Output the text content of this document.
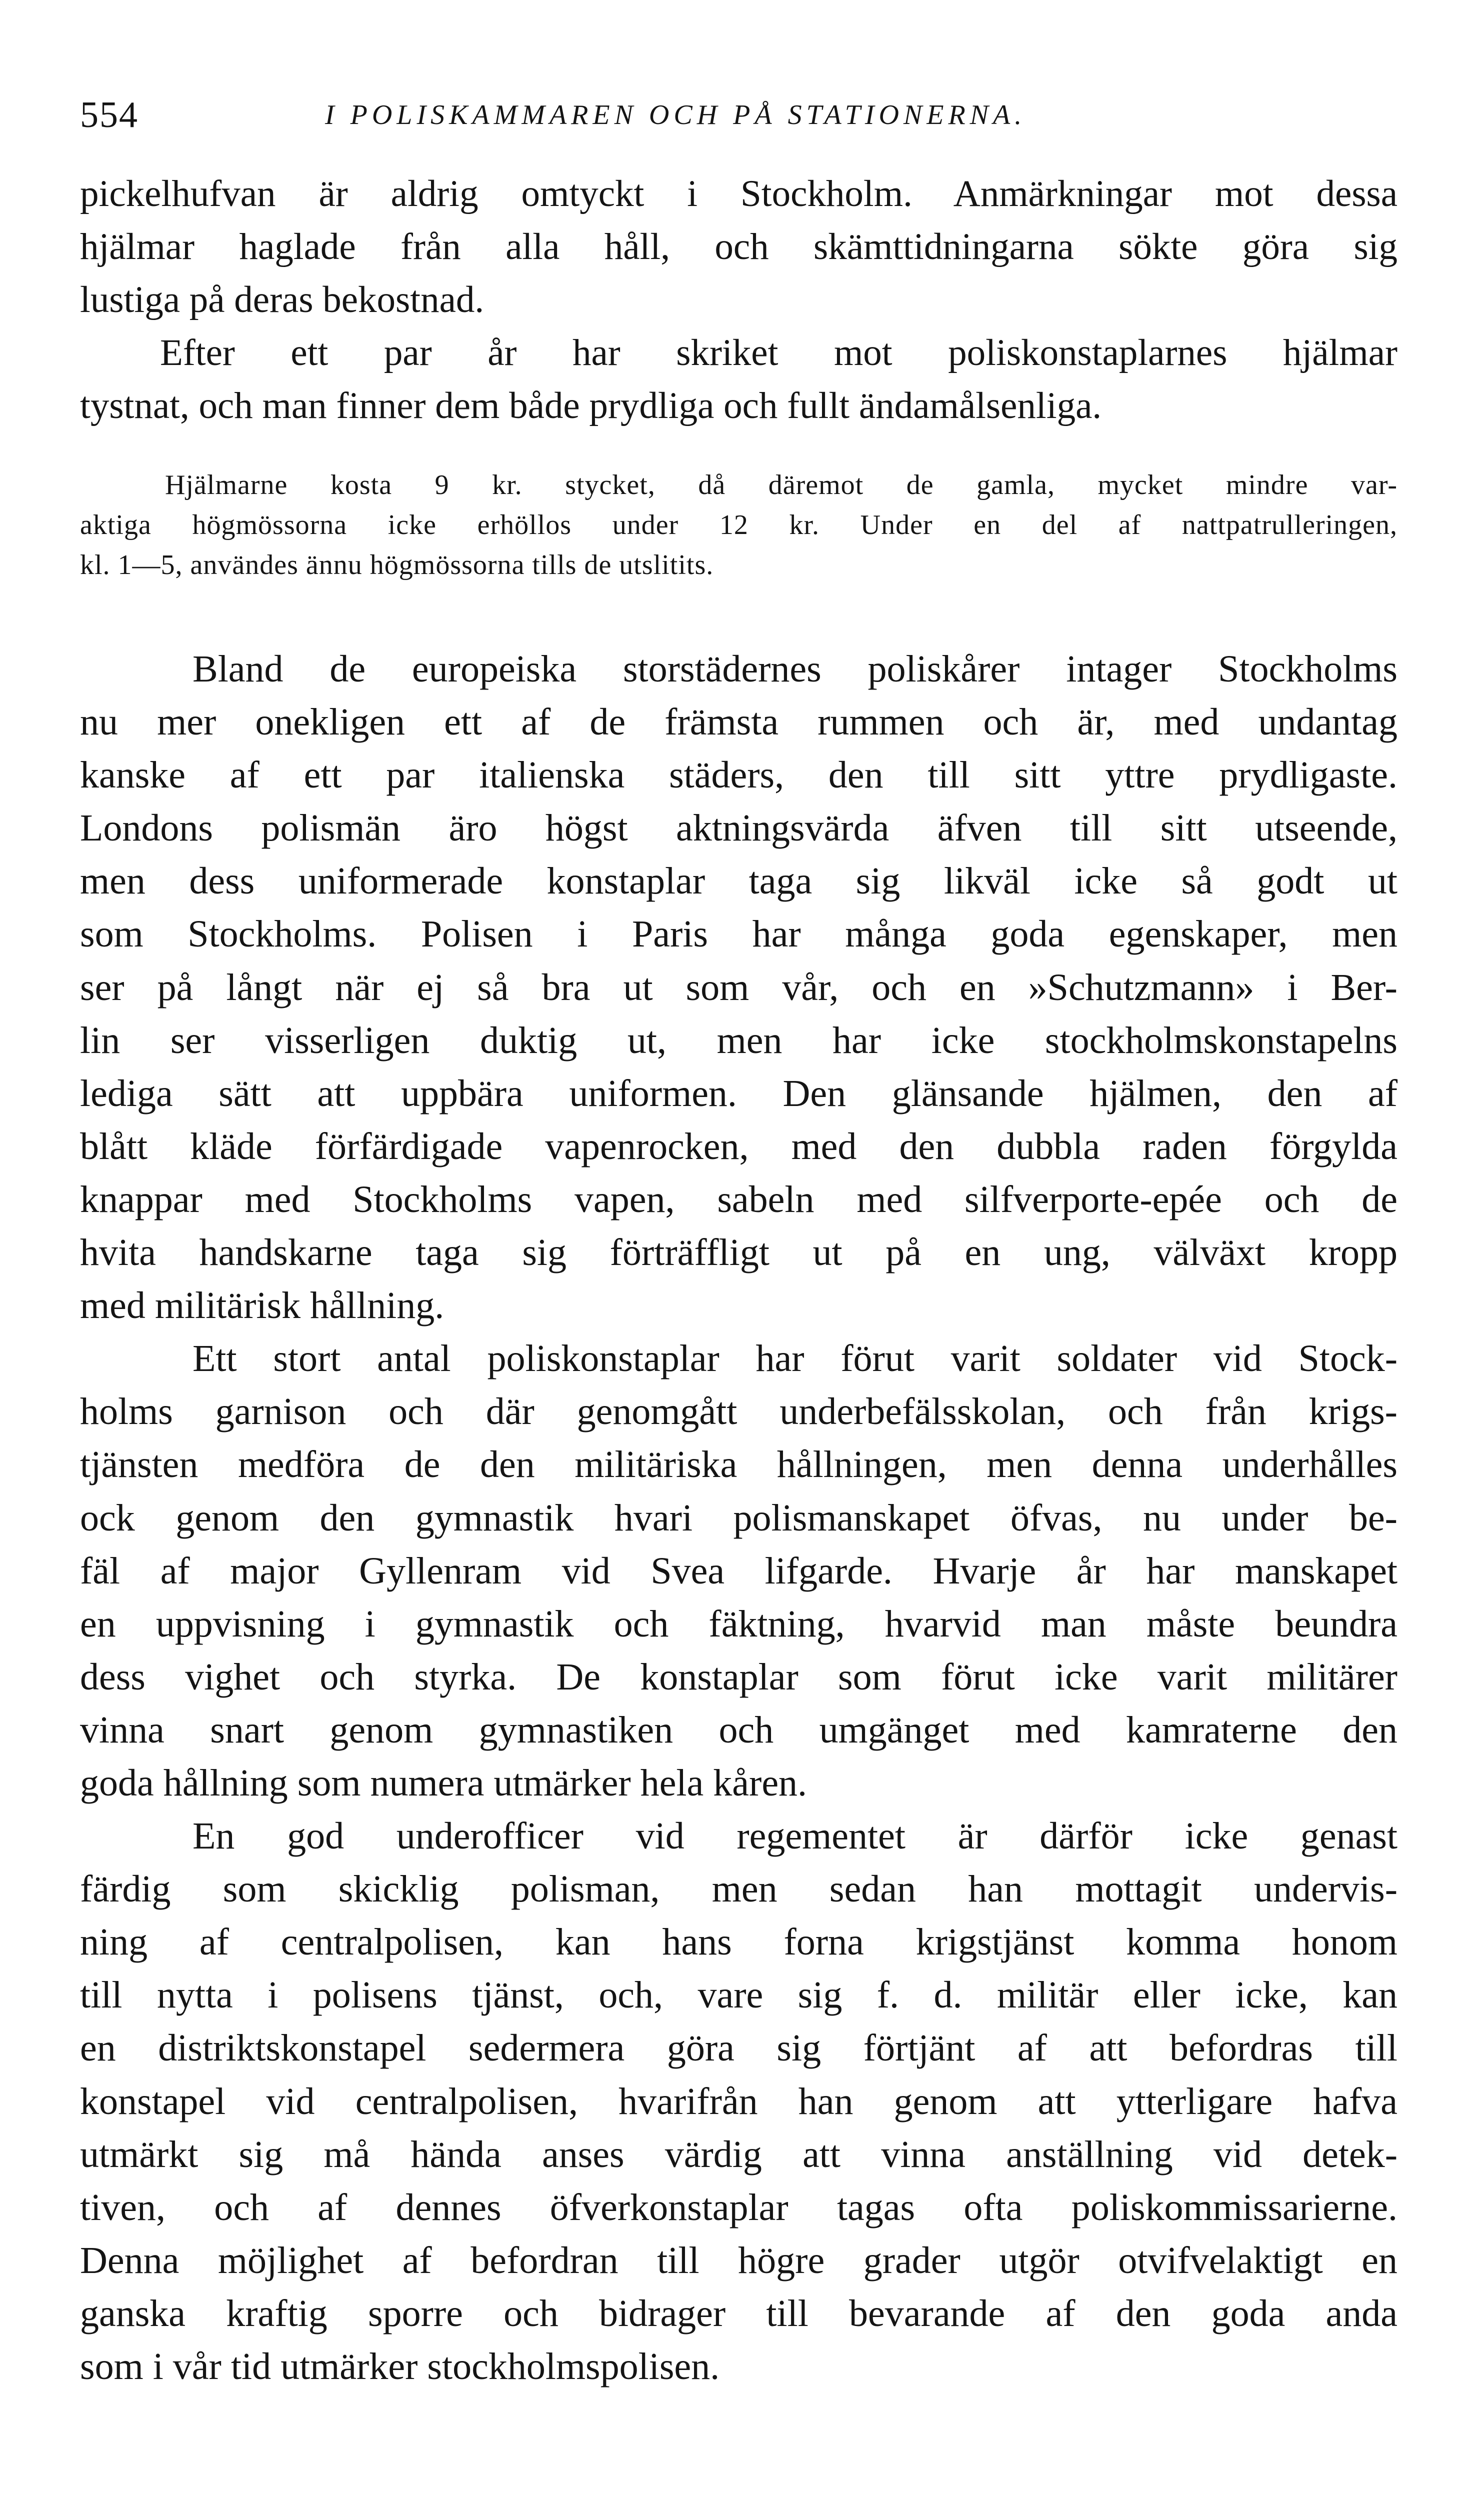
554	I POLISKAMMAREN OCH PÅ STATIONERNA.
pickelhufvan är aldrig omtyckt i Stockholm. Anmärkningar mot dessa
hjälmar haglade från alla håll, och skämttidningarna sökte göra sig
lustiga på deras bekostnad.
Efter ett par år har skriket mot poliskonstaplarnes hjälmar
tystnat, och man finner dem både prydliga och fullt ändamålsenliga.
Hjälmarne kosta 9 kr. stycket, då däremot de gamla, mycket mindre var-
aktiga högmössorna icke erhöllos under 12 kr. Under en del af nattpatrulleringen,
kl. 1—5, användes ännu högmössorna tills de utslitits.
Bland de europeiska storstädernes poliskårer intager Stockholms
nu mer onekligen ett af de främsta rummen och är, med undantag
kanske af ett par italienska städers, den till sitt yttre prydligaste.
Londons polismän äro högst aktningsvärda äfven till sitt utseende,
men dess uniformerade konstaplar taga sig likväl icke så godt ut
som Stockholms. Polisen i Paris har många goda egenskaper, men
ser på långt när ej så bra ut som vår, och en »Schutzmann» i Ber-
lin ser visserligen duktig ut, men har icke stockholmskonstapelns
lediga sätt att uppbära uniformen. Den glänsande hjälmen, den af
blått kläde förfärdigade vapenrocken, med den dubbla raden förgylda
knappar med Stockholms vapen, sabeln med silfverporte-epée och de
hvita handskarne taga sig förträffligt ut på en ung, välväxt kropp
med militärisk hållning.
Ett stort antal poliskonstaplar har förut varit soldater vid Stock-
holms garnison och där genomgått underbefälsskolan, och från krigs-
tjänsten medföra de den militäriska hållningen, men denna underhålles
ock genom den gymnastik hvari polismanskapet öfvas, nu under be-
fäl af major Gyllenram vid Svea lifgarde. Hvarje år har manskapet
en uppvisning i gymnastik och fäktning, hvarvid man måste beundra
dess vighet och styrka. De konstaplar som förut icke varit militärer
vinna snart genom gymnastiken och umgänget med kamraterne den
goda hållning som numera utmärker hela kåren.
En god underofficer vid regementet är därför icke genast
färdig som skicklig polisman, men sedan han mottagit undervis-
ning af centralpolisen, kan hans forna krigstjänst komma honom
till nytta i polisens tjänst, och, vare sig f. d. militär eller icke, kan
en distriktskonstapel sedermera göra sig förtjänt af att befordras till
konstapel vid centralpolisen, hvarifrån han genom att ytterligare hafva
utmärkt sig må hända anses värdig att vinna anställning vid detek-
tiven, och af dennes öfverkonstaplar tagas ofta poliskommissarierne.
Denna möjlighet af befordran till högre grader utgör otvifvelaktigt en
ganska kraftig sporre och bidrager till bevarande af den goda anda
som i vår tid utmärker stockholmspolisen.
